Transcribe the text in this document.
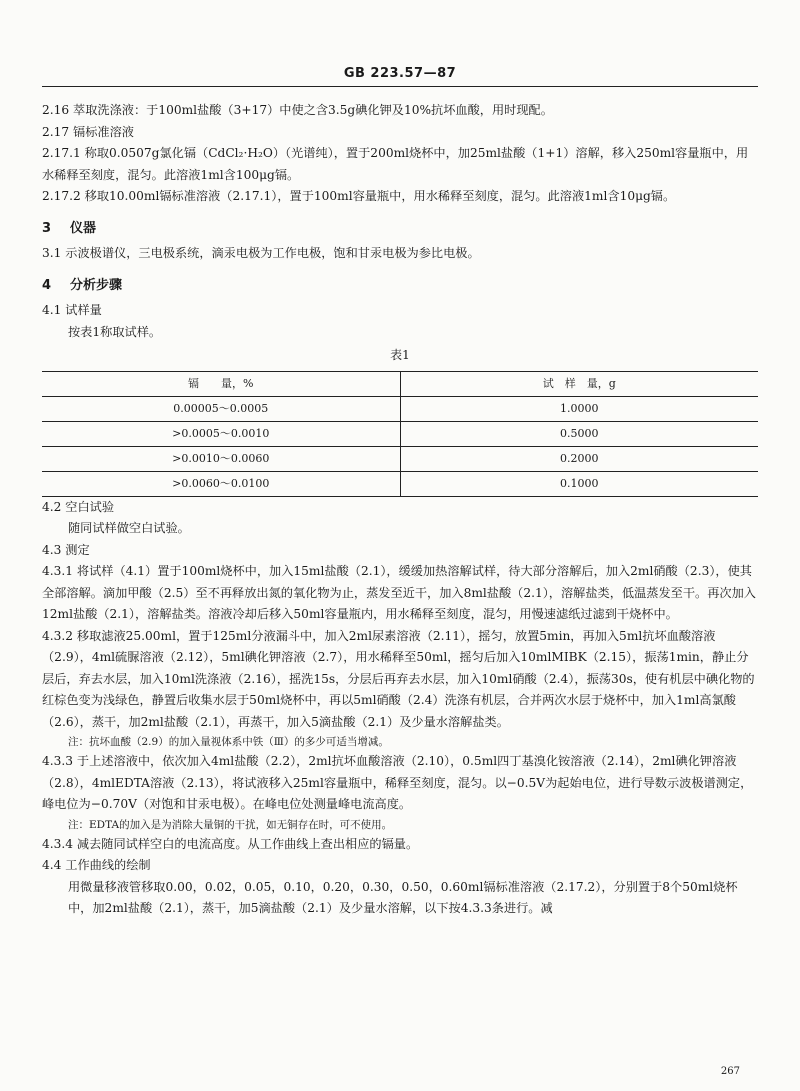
GB 223.57—87

2.16 萃取洗涤液：于100ml盐酸（3+17）中使之含3.5g碘化钾及10%抗坏血酸，用时现配。

2.17 镉标准溶液

2.17.1 称取0.0507g氯化镉（CdCl₂·H₂O）（光谱纯），置于200ml烧杯中，加25ml盐酸（1+1）溶解，移入250ml容量瓶中，用水稀释至刻度，混匀。此溶液1ml含100μg镉。

2.17.2 移取10.00ml镉标准溶液（2.17.1），置于100ml容量瓶中，用水稀释至刻度，混匀。此溶液1ml含10μg镉。

3 仪器

3.1 示波极谱仪，三电极系统，滴汞电极为工作电极，饱和甘汞电极为参比电极。

4 分析步骤

4.1 试样量

按表1称取试样。

表1
镉　　量，%	试　样　量，g
0.00005～0.0005	1.0000
>0.0005～0.0010	0.5000
>0.0010～0.0060	0.2000
>0.0060～0.0100	0.1000

4.2 空白试验

随同试样做空白试验。

4.3 测定

4.3.1 将试样（4.1）置于100ml烧杯中，加入15ml盐酸（2.1），缓缓加热溶解试样，待大部分溶解后，加入2ml硝酸（2.3），使其全部溶解。滴加甲酸（2.5）至不再释放出氮的氧化物为止，蒸发至近干，加入8ml盐酸（2.1），溶解盐类，低温蒸发至干。再次加入12ml盐酸（2.1），溶解盐类。溶液冷却后移入50ml容量瓶内，用水稀释至刻度，混匀，用慢速滤纸过滤到干烧杯中。

4.3.2 移取滤液25.00ml，置于125ml分液漏斗中，加入2ml尿素溶液（2.11），摇匀，放置5min，再加入5ml抗坏血酸溶液（2.9），4ml硫脲溶液（2.12），5ml碘化钾溶液（2.7），用水稀释至50ml，摇匀后加入10mlMIBK（2.15），振荡1min，静止分层后，弃去水层，加入10ml洗涤液（2.16），摇洗15s，分层后再弃去水层，加入10ml硝酸（2.4），振荡30s，使有机层中碘化物的红棕色变为浅绿色，静置后收集水层于50ml烧杯中，再以5ml硝酸（2.4）洗涤有机层，合并两次水层于烧杯中，加入1ml高氯酸（2.6），蒸干，加2ml盐酸（2.1），再蒸干，加入5滴盐酸（2.1）及少量水溶解盐类。

注：抗坏血酸（2.9）的加入量视体系中铁（Ⅲ）的多少可适当增减。

4.3.3 于上述溶液中，依次加入4ml盐酸（2.2），2ml抗坏血酸溶液（2.10），0.5ml四丁基溴化铵溶液（2.14），2ml碘化钾溶液（2.8），4mlEDTA溶液（2.13），将试液移入25ml容量瓶中，稀释至刻度，混匀。以−0.5V为起始电位，进行导数示波极谱测定，峰电位为−0.70V（对饱和甘汞电极）。在峰电位处测量峰电流高度。

注：EDTA的加入是为消除大量铜的干扰，如无铜存在时，可不使用。

4.3.4 减去随同试样空白的电流高度。从工作曲线上查出相应的镉量。

4.4 工作曲线的绘制

用微量移液管移取0.00，0.02，0.05，0.10，0.20，0.30，0.50，0.60ml镉标准溶液（2.17.2），分别置于8个50ml烧杯中，加2ml盐酸（2.1），蒸干，加5滴盐酸（2.1）及少量水溶解，以下按4.3.3条进行。减

267
